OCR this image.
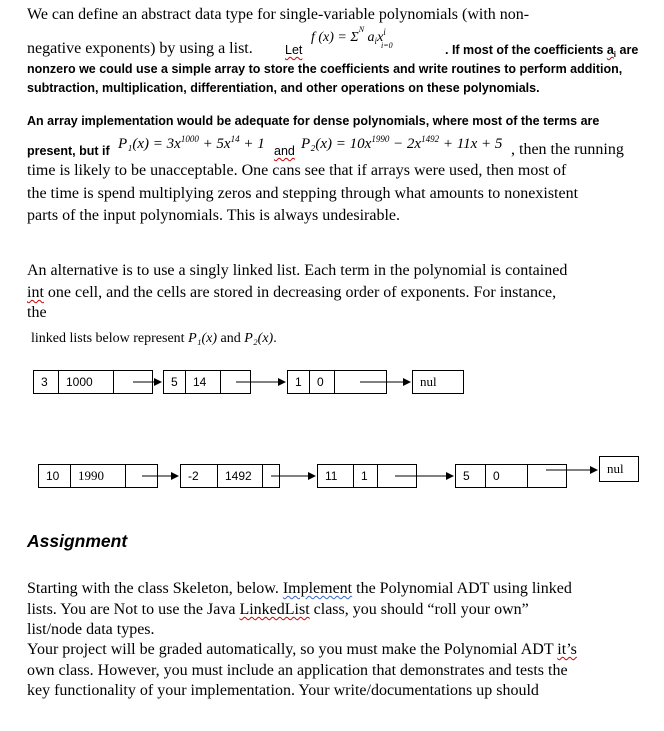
We can define an abstract data type for single-variable polynomials (with non-
negative exponents) by using a list.	Let
f $(x) = \Sigma^N$
i=0
$a_ix^i$
. If most of the coefficients $a_i$ are
nonzero we could use a simple array to store the coefficients and write routines to perform addition,
subtraction, multiplication, differentiation, and other operations on these polynomials.
An array implementation would be adequate for dense polynomials, where most of the terms are
present, but if $P_1(x) = 3x^{1000} + 5x^{14} + 1$ and $P_2(x) = 10x^{1990} - 2x^{1492} + 11x + 5$ , then the running
time is likely to be unacceptable. One cans see that if arrays were used, then most of
the time is spend multiplying zeros and stepping through what amounts to nonexistent
parts of the input polynomials. This is always undesirable.
An alternative is to use a singly linked list. Each term in the polynomial is contained
int one cell, and the cells are stored in decreasing order of exponents. For instance,
the
linked lists below represent P₁(x) and P₂(x).
3	1000	5	14	1	0	nul
10	1990	-2	1492	11	1	5	0	nul
Assignment
Starting with the class Skeleton, below. Implement the Polynomial ADT using linked
lists. You are Not to use the Java LinkedList class, you should “roll your own”
list/node data types.
Your project will be graded automatically, so you must make the Polynomial ADT it’s
own class. However, you must include an application that demonstrates and tests the
key functionality of your implementation. Your write/documentations up should
